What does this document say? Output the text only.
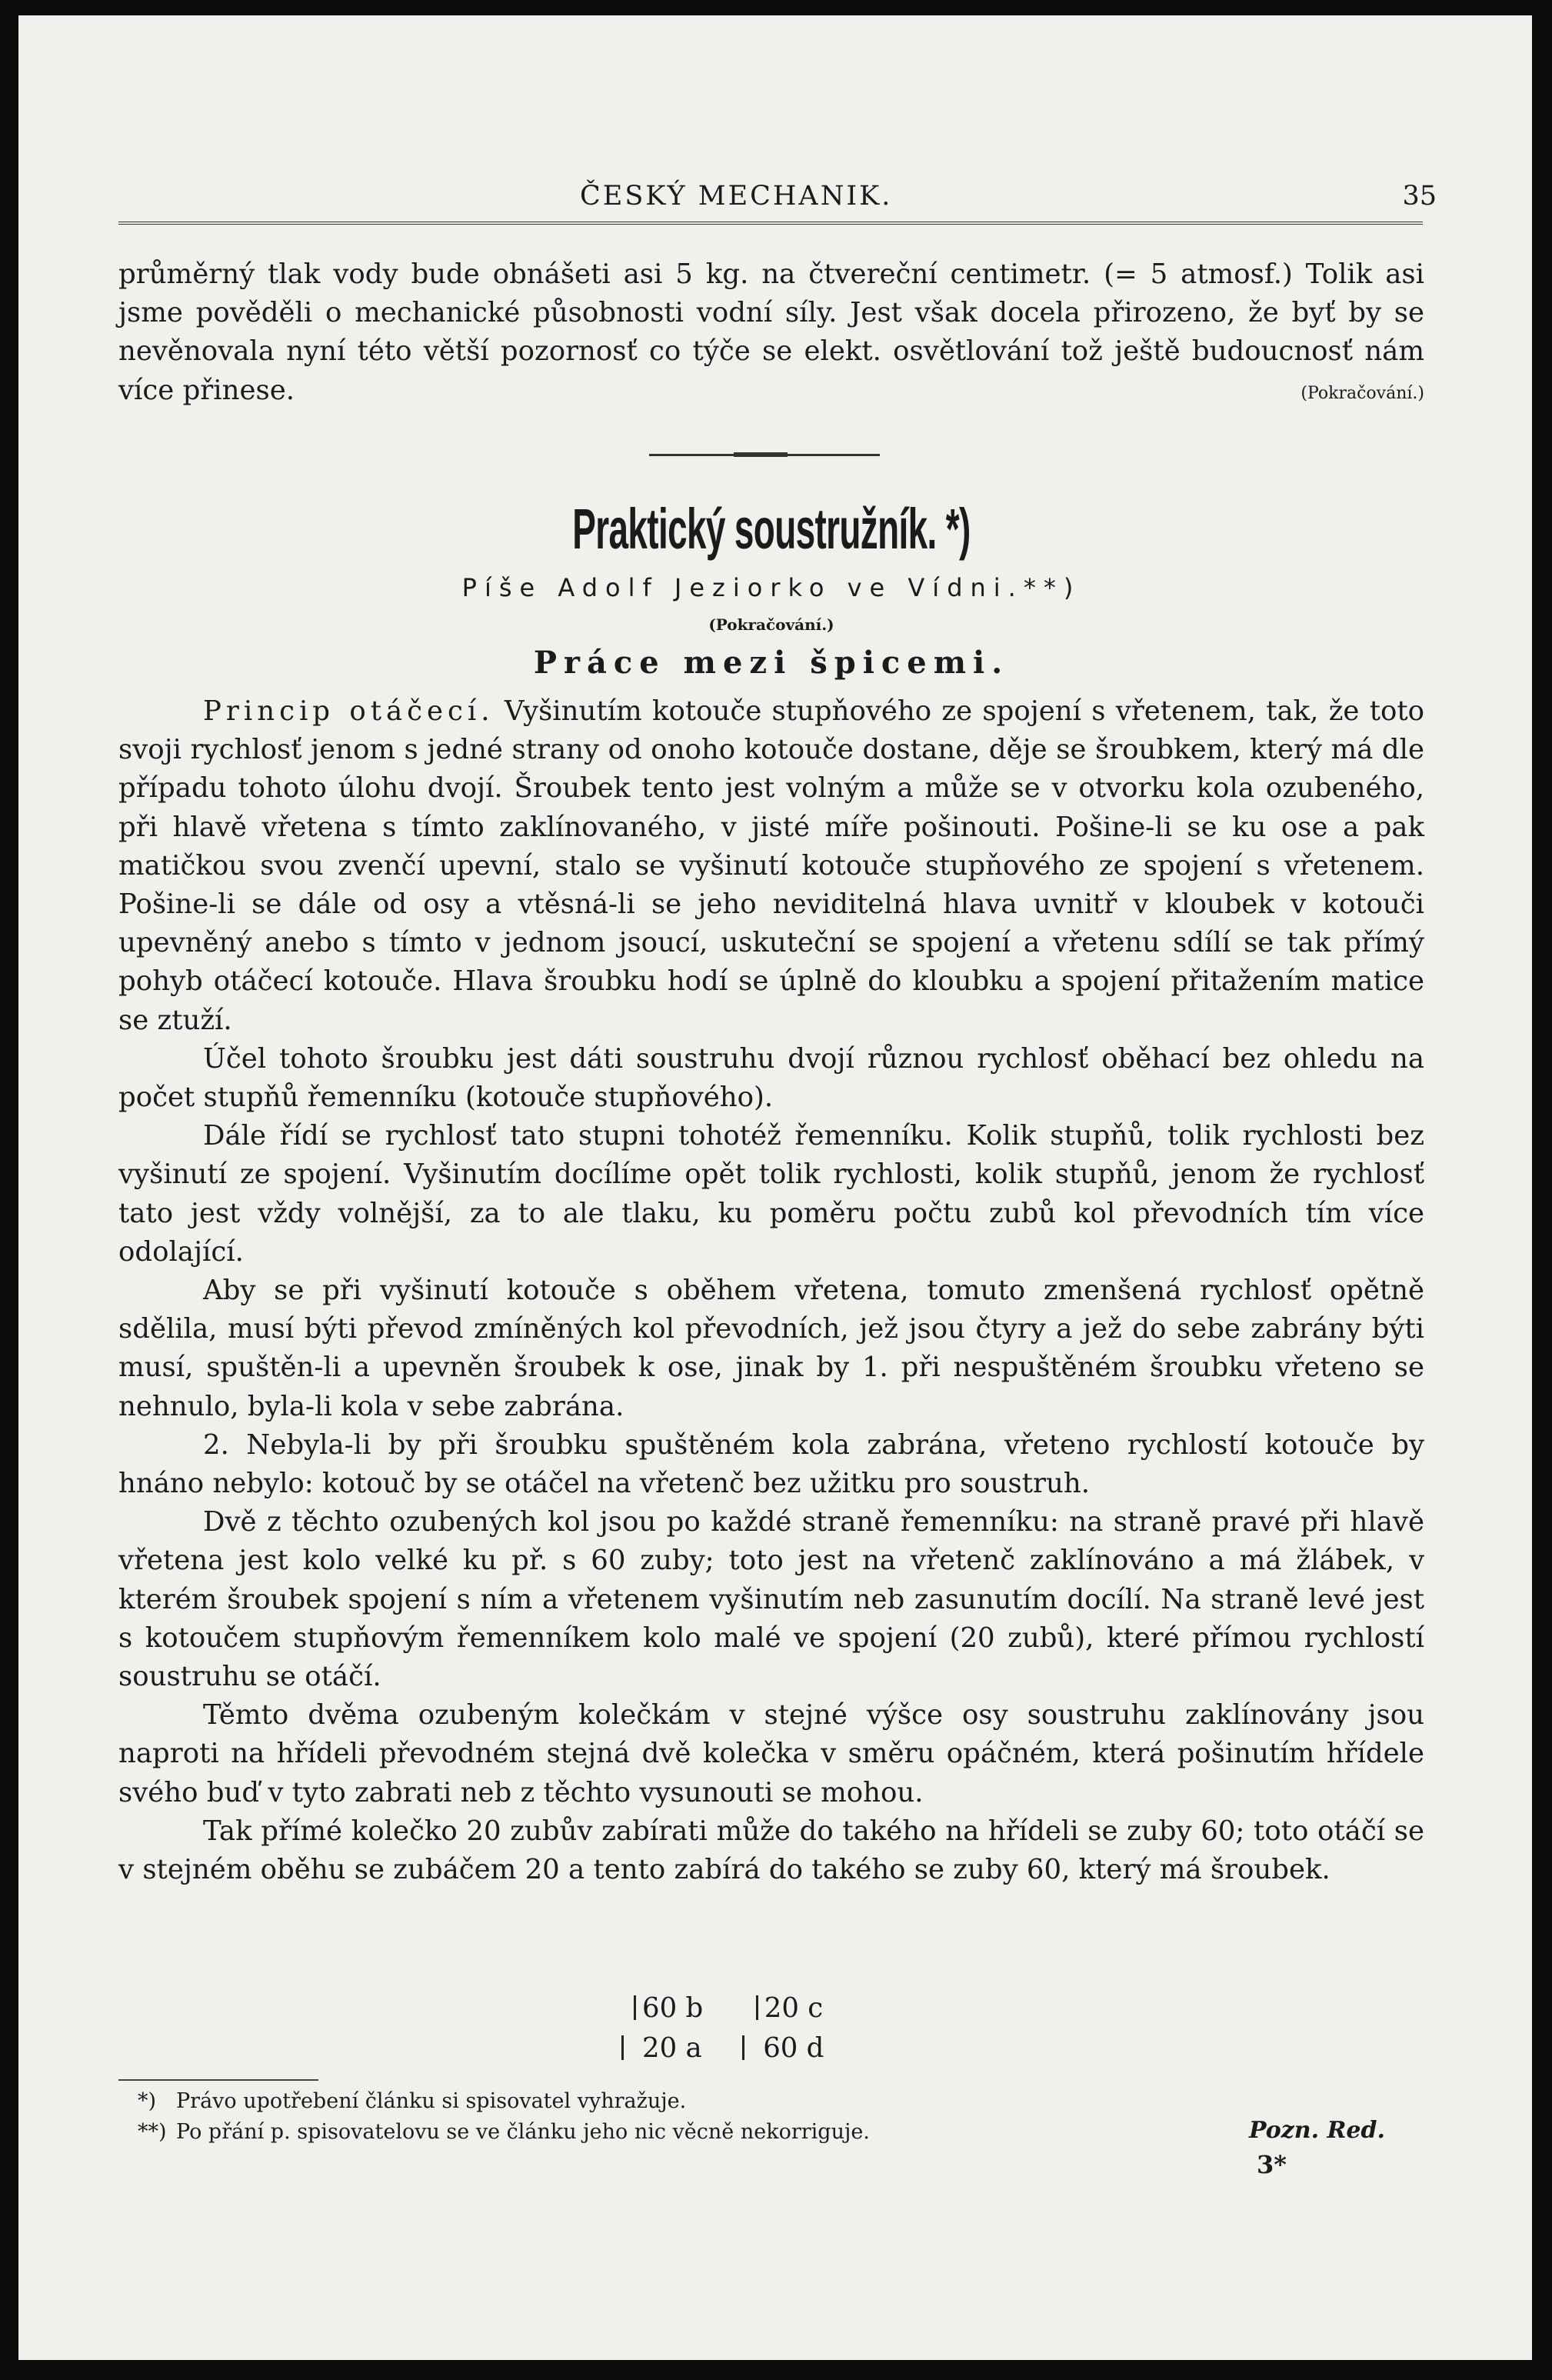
ČESKÝ MECHANIK.	35

průměrný tlak vody bude obnášeti asi 5 kg. na čtvereční centimetr. (= 5 atmosf.) Tolik asi jsme pověděli o mechanické působnosti vodní síly. Jest však docela přirozeno, že byť by se nevěnovala nyní této větší pozornosť co týče se elekt. osvětlování tož ještě budoucnosť nám více přinese.	(Pokračování.)

Praktický soustružník. *)
Píše Adolf Jeziorko ve Vídni.**)
(Pokračování.)
Práce mezi špicemi.

Princip otáčecí. Vyšinutím kotouče stupňového ze spojení s vřetenem, tak, že toto svoji rychlosť jenom s jedné strany od onoho kotouče dostane, děje se šroubkem, který má dle případu tohoto úlohu dvojí. Šroubek tento jest volným a může se v otvorku kola ozubeného, při hlavě vřetena s tímto zaklínovaného, v jisté míře pošinouti. Pošine-li se ku ose a pak matičkou svou zvenčí upevní, stalo se vyšinutí kotouče stupňového ze spojení s vřetenem. Pošine-li se dále od osy a vtěsná-li se jeho neviditelná hlava uvnitř v kloubek v kotouči upevněný anebo s tímto v jednom jsoucí, uskuteční se spojení a vřetenu sdílí se tak přímý pohyb otáčecí kotouče. Hlava šroubku hodí se úplně do kloubku a spojení přitažením matice se ztuží.

Účel tohoto šroubku jest dáti soustruhu dvojí různou rychlosť oběhací bez ohledu na počet stupňů řemenníku (kotouče stupňového).

Dále řídí se rychlosť tato stupni tohotéž řemenníku. Kolik stupňů, tolik rychlosti bez vyšinutí ze spojení. Vyšinutím docílíme opět tolik rychlosti, kolik stupňů, jenom že rychlosť tato jest vždy volnější, za to ale tlaku, ku poměru počtu zubů kol převodních tím více odolající.

Aby se při vyšinutí kotouče s oběhem vřetena, tomuto zmenšená rychlosť opětně sdělila, musí býti převod zmíněných kol převodních, jež jsou čtyry a jež do sebe zabrány býti musí, spuštěn-li a upevněn šroubek k ose, jinak by 1. při nespuštěném šroubku vřeteno se nehnulo, byla-li kola v sebe zabrána.

2. Nebyla-li by při šroubku spuštěném kola zabrána, vřeteno rychlostí kotouče by hnáno nebylo: kotouč by se otáčel na vřetenč bez užitku pro soustruh.

Dvě z těchto ozubených kol jsou po každé straně řemenníku: na straně pravé při hlavě vřetena jest kolo velké ku př. s 60 zuby; toto jest na vřetenč zaklínováno a má žlábek, v kterém šroubek spojení s ním a vřetenem vyšinutím neb zasunutím docílí. Na straně levé jest s kotoučem stupňovým řemenníkem kolo malé ve spojení (20 zubů), které přímou rychlostí soustruhu se otáčí.

Těmto dvěma ozubeným kolečkám v stejné výšce osy soustruhu zaklínovány jsou naproti na hřídeli převodném stejná dvě kolečka v směru opáčném, která pošinutím hřídele svého buď v tyto zabrati neb z těchto vysunouti se mohou.

Tak přímé kolečko 20 zubův zabírati může do takého na hřídeli se zuby 60; toto otáčí se v stejném oběhu se zubáčem 20 a tento zabírá do takého se zuby 60, který má šroubek.

60 b 20 c
20 a 60 d
*) Právo upotřebení článku si spisovatel vyhražuje.
**) Po přání p. spisovatelovu se ve článku jeho nic věcně nekorriguje.	Pozn. Red.
3*
